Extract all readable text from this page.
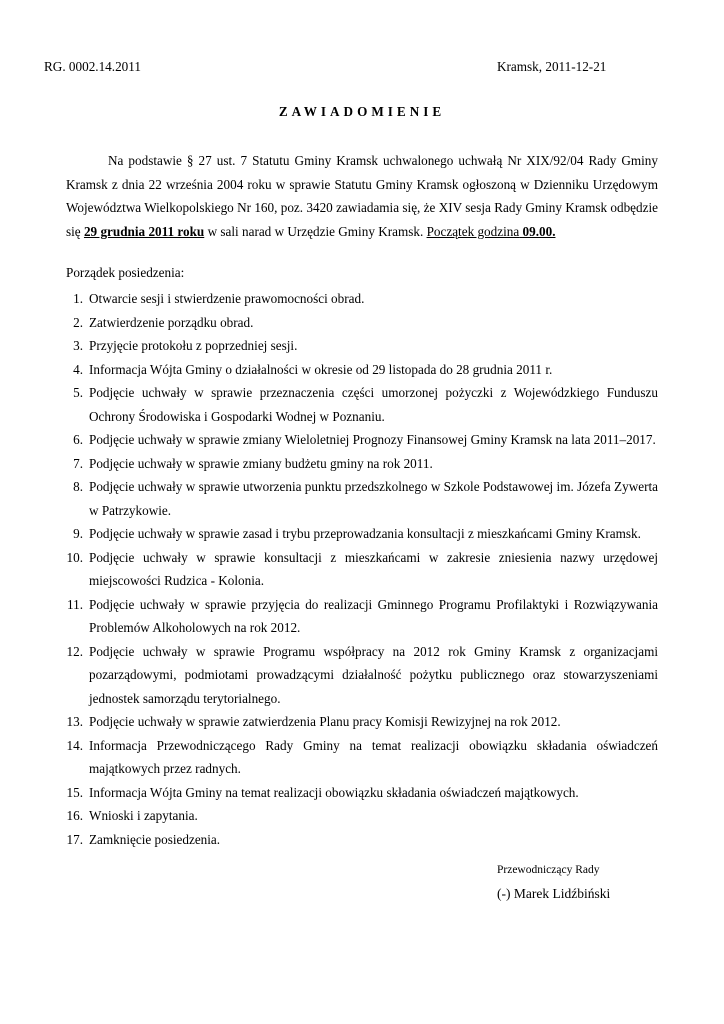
RG. 0002.14.2011	Kramsk, 2011-12-21
ZAWIADOMIENIE
Na podstawie § 27 ust. 7 Statutu Gminy Kramsk uchwalonego uchwałą Nr XIX/92/04 Rady Gminy Kramsk z dnia 22 września 2004 roku w sprawie Statutu Gminy Kramsk ogłoszoną w Dzienniku Urzędowym Województwa Wielkopolskiego Nr 160, poz. 3420 zawiadamia się, że XIV sesja Rady Gminy Kramsk odbędzie się 29 grudnia 2011 roku w sali narad w Urzędzie Gminy Kramsk. Początek godzina 09.00.
Porządek posiedzenia:
1. Otwarcie sesji i stwierdzenie prawomocności obrad.
2. Zatwierdzenie porządku obrad.
3. Przyjęcie protokołu z poprzedniej sesji.
4. Informacja Wójta Gminy o działalności w okresie od 29 listopada do 28 grudnia 2011 r.
5. Podjęcie uchwały w sprawie przeznaczenia części umorzonej pożyczki z Wojewódzkiego Funduszu Ochrony Środowiska i Gospodarki Wodnej w Poznaniu.
6. Podjęcie uchwały w sprawie zmiany Wieloletniej Prognozy Finansowej Gminy Kramsk na lata 2011–2017.
7. Podjęcie uchwały w sprawie zmiany budżetu gminy na rok 2011.
8. Podjęcie uchwały w sprawie utworzenia punktu przedszkolnego w Szkole Podstawowej im. Józefa Zywerta w Patrzykowie.
9. Podjęcie uchwały w sprawie zasad i trybu przeprowadzania konsultacji z mieszkańcami Gminy Kramsk.
10. Podjęcie uchwały w sprawie konsultacji z mieszkańcami w zakresie zniesienia nazwy urzędowej miejscowości Rudzica - Kolonia.
11. Podjęcie uchwały w sprawie przyjęcia do realizacji Gminnego Programu Profilaktyki i Rozwiązywania Problemów Alkoholowych na rok 2012.
12. Podjęcie uchwały w sprawie Programu współpracy na 2012 rok Gminy Kramsk z organizacjami pozarządowymi, podmiotami prowadzącymi działalność pożytku publicznego oraz stowarzyszeniami jednostek samorządu terytorialnego.
13. Podjęcie uchwały w sprawie zatwierdzenia Planu pracy Komisji Rewizyjnej na rok 2012.
14. Informacja Przewodniczącego Rady Gminy na temat realizacji obowiązku składania oświadczeń majątkowych przez radnych.
15. Informacja Wójta Gminy na temat realizacji obowiązku składania oświadczeń majątkowych.
16. Wnioski i zapytania.
17. Zamknięcie posiedzenia.
Przewodniczący Rady
(-) Marek Lidźbiński
